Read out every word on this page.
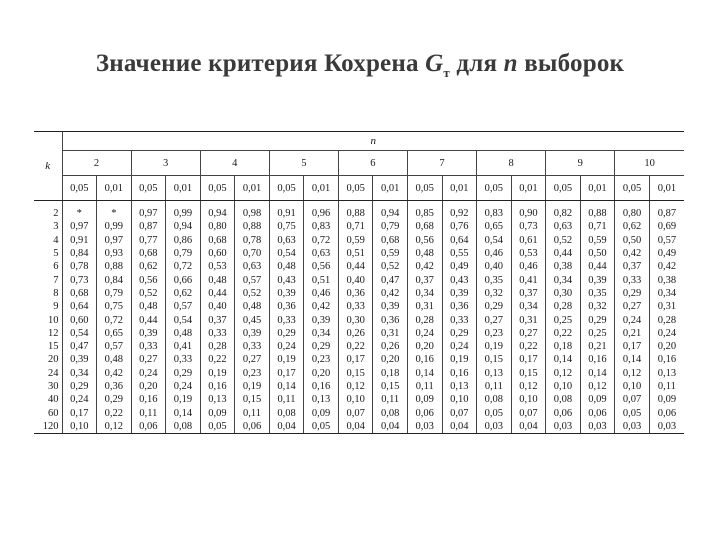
Значение критерия Кохрена $G_т$ для n выборок
k	n																	
	2		3		4		5		6		7		8		9		10	
	0,05	0,01	0,05	0,01	0,05	0,01	0,05	0,01	0,05	0,01	0,05	0,01	0,05	0,01	0,05	0,01	0,05	0,01

2	*	*	0,97	0,99	0,94	0,98	0,91	0,96	0,88	0,94	0,85	0,92	0,83	0,90	0,82	0,88	0,80	0,87
3	0,97	0,99	0,87	0,94	0,80	0,88	0,75	0,83	0,71	0,79	0,68	0,76	0,65	0,73	0,63	0,71	0,62	0,69
4	0,91	0,97	0,77	0,86	0,68	0,78	0,63	0,72	0,59	0,68	0,56	0,64	0,54	0,61	0,52	0,59	0,50	0,57
5	0,84	0,93	0,68	0,79	0,60	0,70	0,54	0,63	0,51	0,59	0,48	0,55	0,46	0,53	0,44	0,50	0,42	0,49
6	0,78	0,88	0,62	0,72	0,53	0,63	0,48	0,56	0,44	0,52	0,42	0,49	0,40	0,46	0,38	0,44	0,37	0,42
7	0,73	0,84	0,56	0,66	0,48	0,57	0,43	0,51	0,40	0,47	0,37	0,43	0,35	0,41	0,34	0,39	0,33	0,38
8	0,68	0,79	0,52	0,62	0,44	0,52	0,39	0,46	0,36	0,42	0,34	0,39	0,32	0,37	0,30	0,35	0,29	0,34
9	0,64	0,75	0,48	0,57	0,40	0,48	0,36	0,42	0,33	0,39	0,31	0,36	0,29	0,34	0,28	0,32	0,27	0,31
10	0,60	0,72	0,44	0,54	0,37	0,45	0,33	0,39	0,30	0,36	0,28	0,33	0,27	0,31	0,25	0,29	0,24	0,28
12	0,54	0,65	0,39	0,48	0,33	0,39	0,29	0,34	0,26	0,31	0,24	0,29	0,23	0,27	0,22	0,25	0,21	0,24
15	0,47	0,57	0,33	0,41	0,28	0,33	0,24	0,29	0,22	0,26	0,20	0,24	0,19	0,22	0,18	0,21	0,17	0,20
20	0,39	0,48	0,27	0,33	0,22	0,27	0,19	0,23	0,17	0,20	0,16	0,19	0,15	0,17	0,14	0,16	0,14	0,16
24	0,34	0,42	0,24	0,29	0,19	0,23	0,17	0,20	0,15	0,18	0,14	0,16	0,13	0,15	0,12	0,14	0,12	0,13
30	0,29	0,36	0,20	0,24	0,16	0,19	0,14	0,16	0,12	0,15	0,11	0,13	0,11	0,12	0,10	0,12	0,10	0,11
40	0,24	0,29	0,16	0,19	0,13	0,15	0,11	0,13	0,10	0,11	0,09	0,10	0,08	0,10	0,08	0,09	0,07	0,09
60	0,17	0,22	0,11	0,14	0,09	0,11	0,08	0,09	0,07	0,08	0,06	0,07	0,05	0,07	0,06	0,06	0,05	0,06
120	0,10	0,12	0,06	0,08	0,05	0,06	0,04	0,05	0,04	0,04	0,03	0,04	0,03	0,04	0,03	0,03	0,03	0,03
